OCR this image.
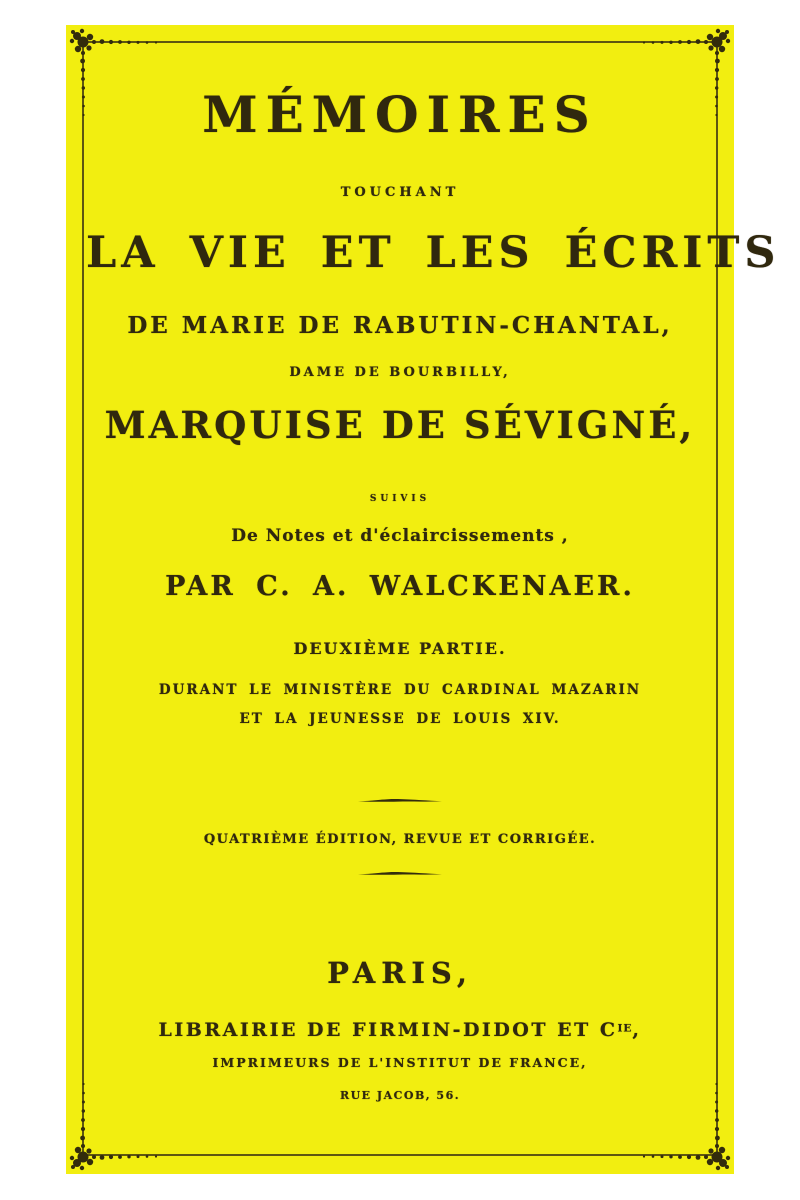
MÉMOIRES
TOUCHANT
LA VIE ET LES ÉCRITS
DE MARIE DE RABUTIN-CHANTAL,
DAME DE BOURBILLY,
MARQUISE DE SÉVIGNÉ,
SUIVIS
De Notes et d'éclaircissements ,
PAR C. A. WALCKENAER.
DEUXIÈME PARTIE.
DURANT LE MINISTÈRE DU CARDINAL MAZARIN
ET LA JEUNESSE DE LOUIS XIV.
QUATRIÈME ÉDITION, REVUE ET CORRIGÉE.
PARIS,
LIBRAIRIE DE FIRMIN-DIDOT ET $C^{IE}$,
IMPRIMEURS DE L'INSTITUT DE FRANCE,
RUE JACOB, 56.
